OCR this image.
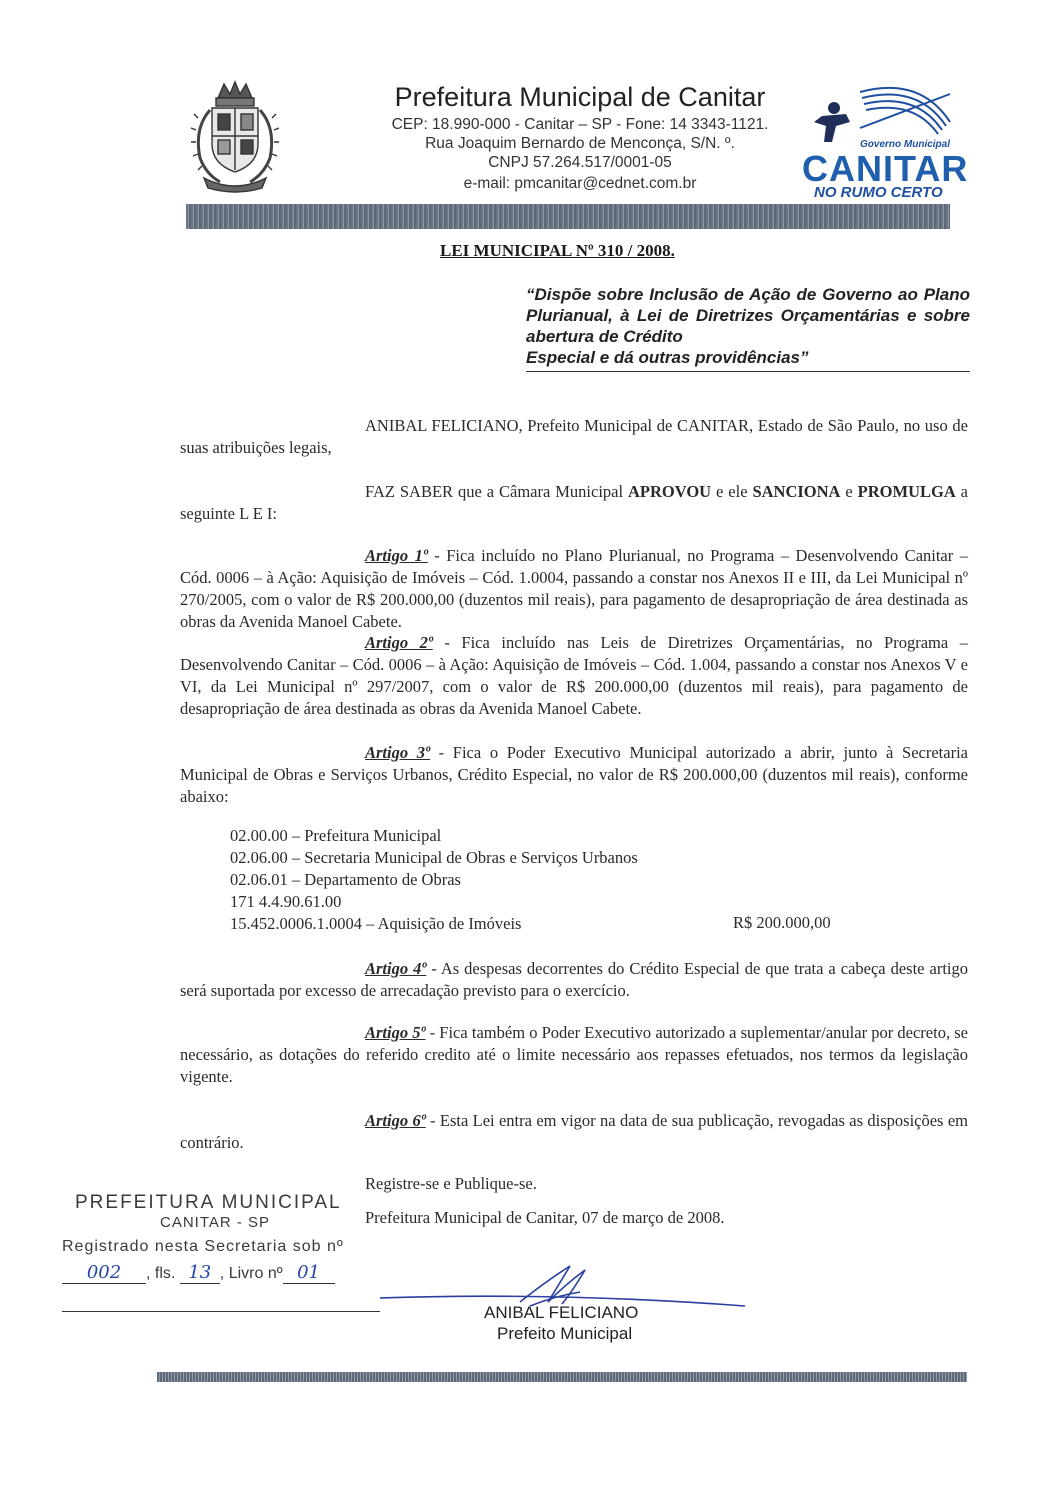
Prefeitura Municipal de Canitar
CEP: 18.990-000 - Canitar – SP - Fone: 14 3343-1121.
Rua Joaquim Bernardo de Menconça, S/N. º.
CNPJ 57.264.517/0001-05
e-mail: pmcanitar@cednet.com.br
Governo Municipal
CANITAR
NO RUMO CERTO
LEI MUNICIPAL Nº 310 / 2008.
“Dispõe sobre Inclusão de Ação de Governo ao Plano Plurianual, à Lei de Diretrizes Orçamentárias e sobre abertura de Crédito
Especial e dá outras providências”
ANIBAL FELICIANO, Prefeito Municipal de CANITAR, Estado de São Paulo, no uso de suas atribuições legais,
FAZ SABER que a Câmara Municipal APROVOU e ele SANCIONA e PROMULGA a seguinte L E I:
Artigo 1º - Fica incluído no Plano Plurianual, no Programa – Desenvolvendo Canitar – Cód. 0006 – à Ação: Aquisição de Imóveis – Cód. 1.0004, passando a constar nos Anexos II e III, da Lei Municipal nº 270/2005, com o valor de R$ 200.000,00 (duzentos mil reais), para pagamento de desapropriação de área destinada as obras da Avenida Manoel Cabete.
Artigo 2º - Fica incluído nas Leis de Diretrizes Orçamentárias, no Programa – Desenvolvendo Canitar – Cód. 0006 – à Ação: Aquisição de Imóveis – Cód. 1.004, passando a constar nos Anexos V e VI, da Lei Municipal nº 297/2007, com o valor de R$ 200.000,00 (duzentos mil reais), para pagamento de desapropriação de área destinada as obras da Avenida Manoel Cabete.
Artigo 3º - Fica o Poder Executivo Municipal autorizado a abrir, junto à Secretaria Municipal de Obras e Serviços Urbanos, Crédito Especial, no valor de R$ 200.000,00 (duzentos mil reais), conforme abaixo:
02.00.00 – Prefeitura Municipal
02.06.00 – Secretaria Municipal de Obras e Serviços Urbanos
02.06.01 – Departamento de Obras
171 4.4.90.61.00
15.452.0006.1.0004 – Aquisição de Imóveis	R$ 200.000,00
Artigo 4º - As despesas decorrentes do Crédito Especial de que trata a cabeça deste artigo será suportada por excesso de arrecadação previsto para o exercício.
Artigo 5º - Fica também o Poder Executivo autorizado a suplementar/anular por decreto, se necessário, as dotações do referido credito até o limite necessário aos repasses efetuados, nos termos da legislação vigente.
Artigo 6º - Esta Lei entra em vigor na data de sua publicação, revogadas as disposições em contrário.
Registre-se e Publique-se.
Prefeitura Municipal de Canitar, 07 de março de 2008.
PREFEITURA MUNICIPAL
CANITAR - SP
Registrado nesta Secretaria sob nº
002 , fls. 13 , Livro nº 01
ANIBAL FELICIANO
Prefeito Municipal
